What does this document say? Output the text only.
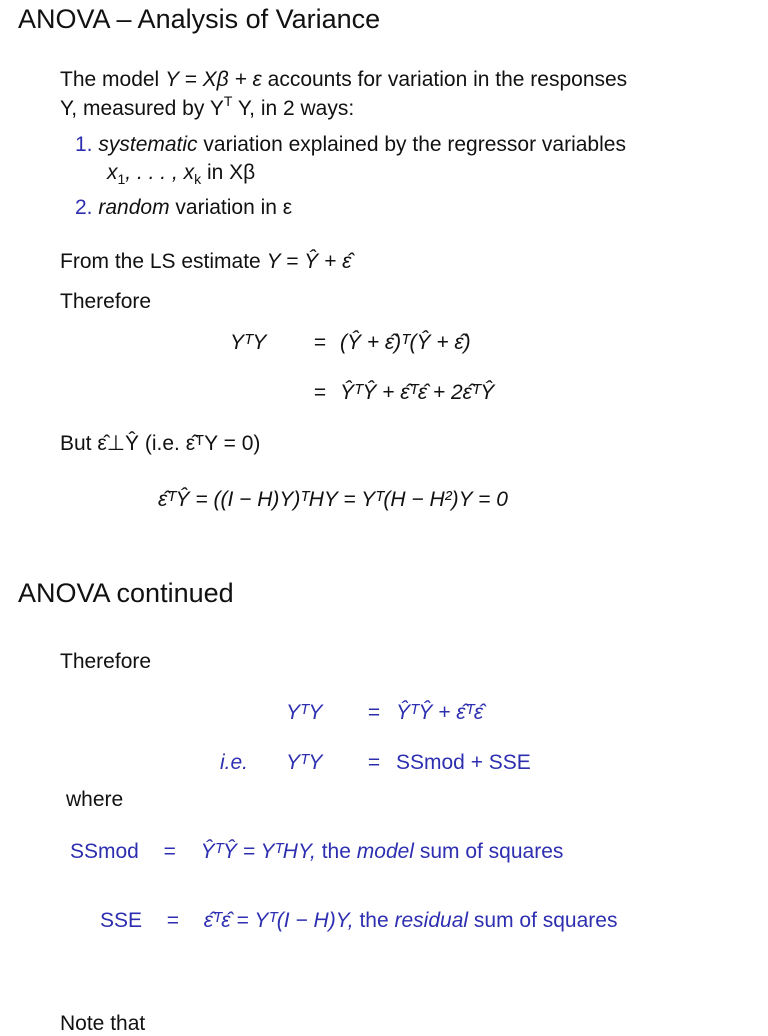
ANOVA – Analysis of Variance
The model Y = Xβ + ε accounts for variation in the responses
Y, measured by $Y^T$ Y, in 2 ways:
1. systematic variation explained by the regressor variables
$x_1$, . . . , $x_k$ in Xβ
2. random variation in ε
From the LS estimate Y = Ŷ + ε̂
Therefore
YᵀY	=	(Ŷ + ε̂)ᵀ(Ŷ + ε̂)
	=	ŶᵀŶ + ε̂ᵀε̂ + 2ε̂ᵀŶ
But ε̂⊥Ŷ (i.e. ε̂ᵀY = 0)
ε̂ᵀŶ = ((I − H)Y)ᵀHY = Yᵀ(H − H²)Y = 0
ANOVA continued
Therefore
	YᵀY	=	ŶᵀŶ + ε̂ᵀε̂
i.e.	YᵀY	=	SSmod + SSE
where
SSmod = ŶᵀŶ = YᵀHY, the model sum of squares
SSE = ε̂ᵀε̂ = Yᵀ(I − H)Y, the residual sum of squares
Note that
